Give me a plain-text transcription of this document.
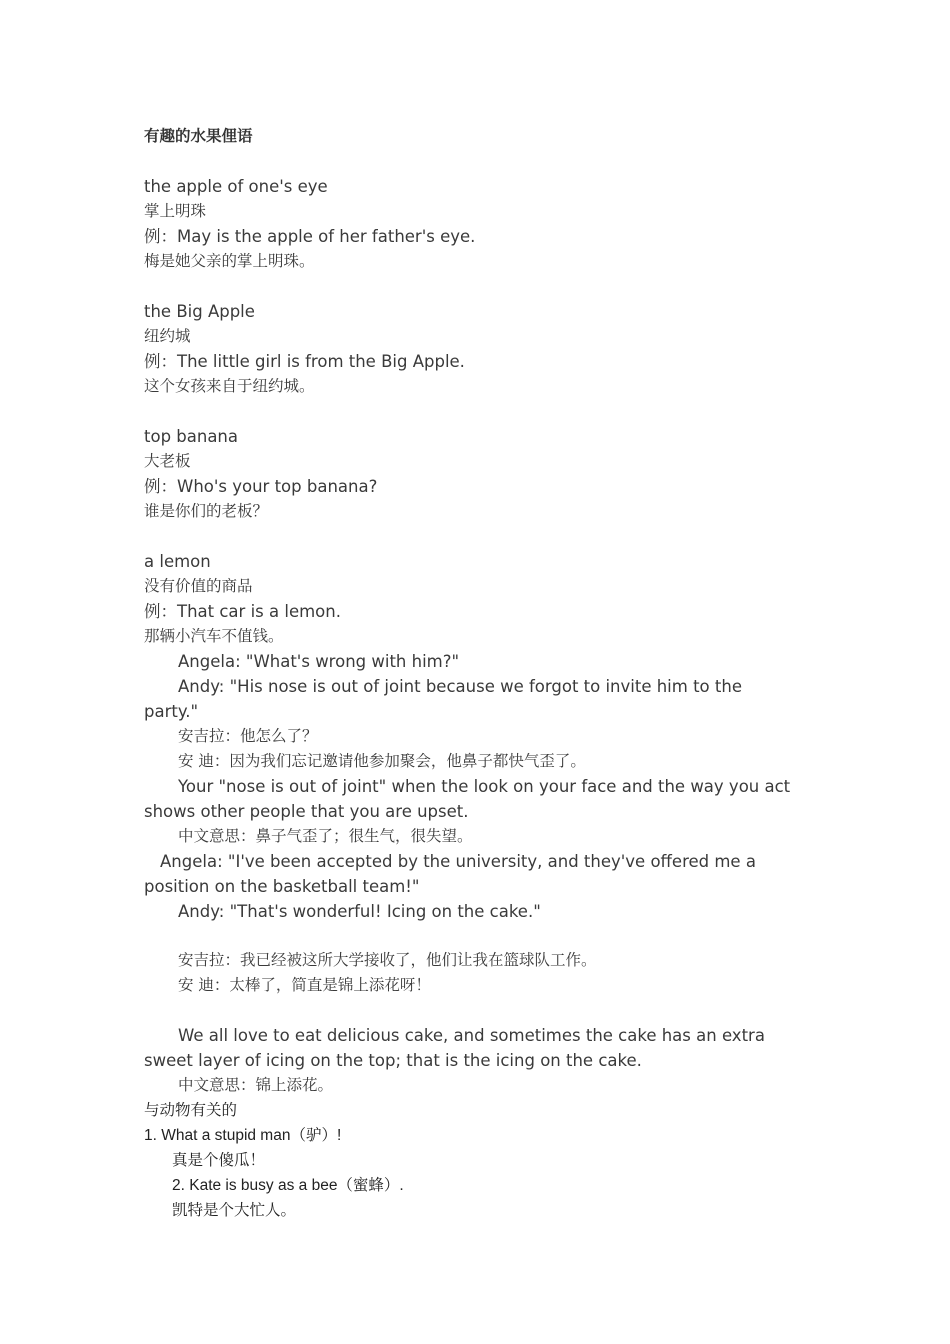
有趣的水果俚语
the apple of one's eye
掌上明珠
例：May is the apple of her father's eye.
梅是她父亲的掌上明珠。
the Big Apple
纽约城
例：The little girl is from the Big Apple.
这个女孩来自于纽约城。
top banana
大老板
例：Who's your top banana?
谁是你们的老板？
a lemon
没有价值的商品
例：That car is a lemon.
那辆小汽车不值钱。
Angela: "What's wrong with him?"
Andy: "His nose is out of joint because we forgot to invite him to the
party."
安吉拉：他怎么了？
安 迪：因为我们忘记邀请他参加聚会，他鼻子都快气歪了。
Your "nose is out of joint" when the look on your face and the way you act
shows other people that you are upset.
中文意思：鼻子气歪了；很生气，很失望。
Angela: "I've been accepted by the university, and they've offered me a
position on the basketball team!"
Andy: "That's wonderful! Icing on the cake."
安吉拉：我已经被这所大学接收了，他们让我在篮球队工作。
安 迪：太棒了，简直是锦上添花呀！
We all love to eat delicious cake, and sometimes the cake has an extra
sweet layer of icing on the top; that is the icing on the cake.
中文意思：锦上添花。
与动物有关的
1. What a stupid man（驴）!
真是个傻瓜！
2. Kate is busy as a bee（蜜蜂）.
凯特是个大忙人。
